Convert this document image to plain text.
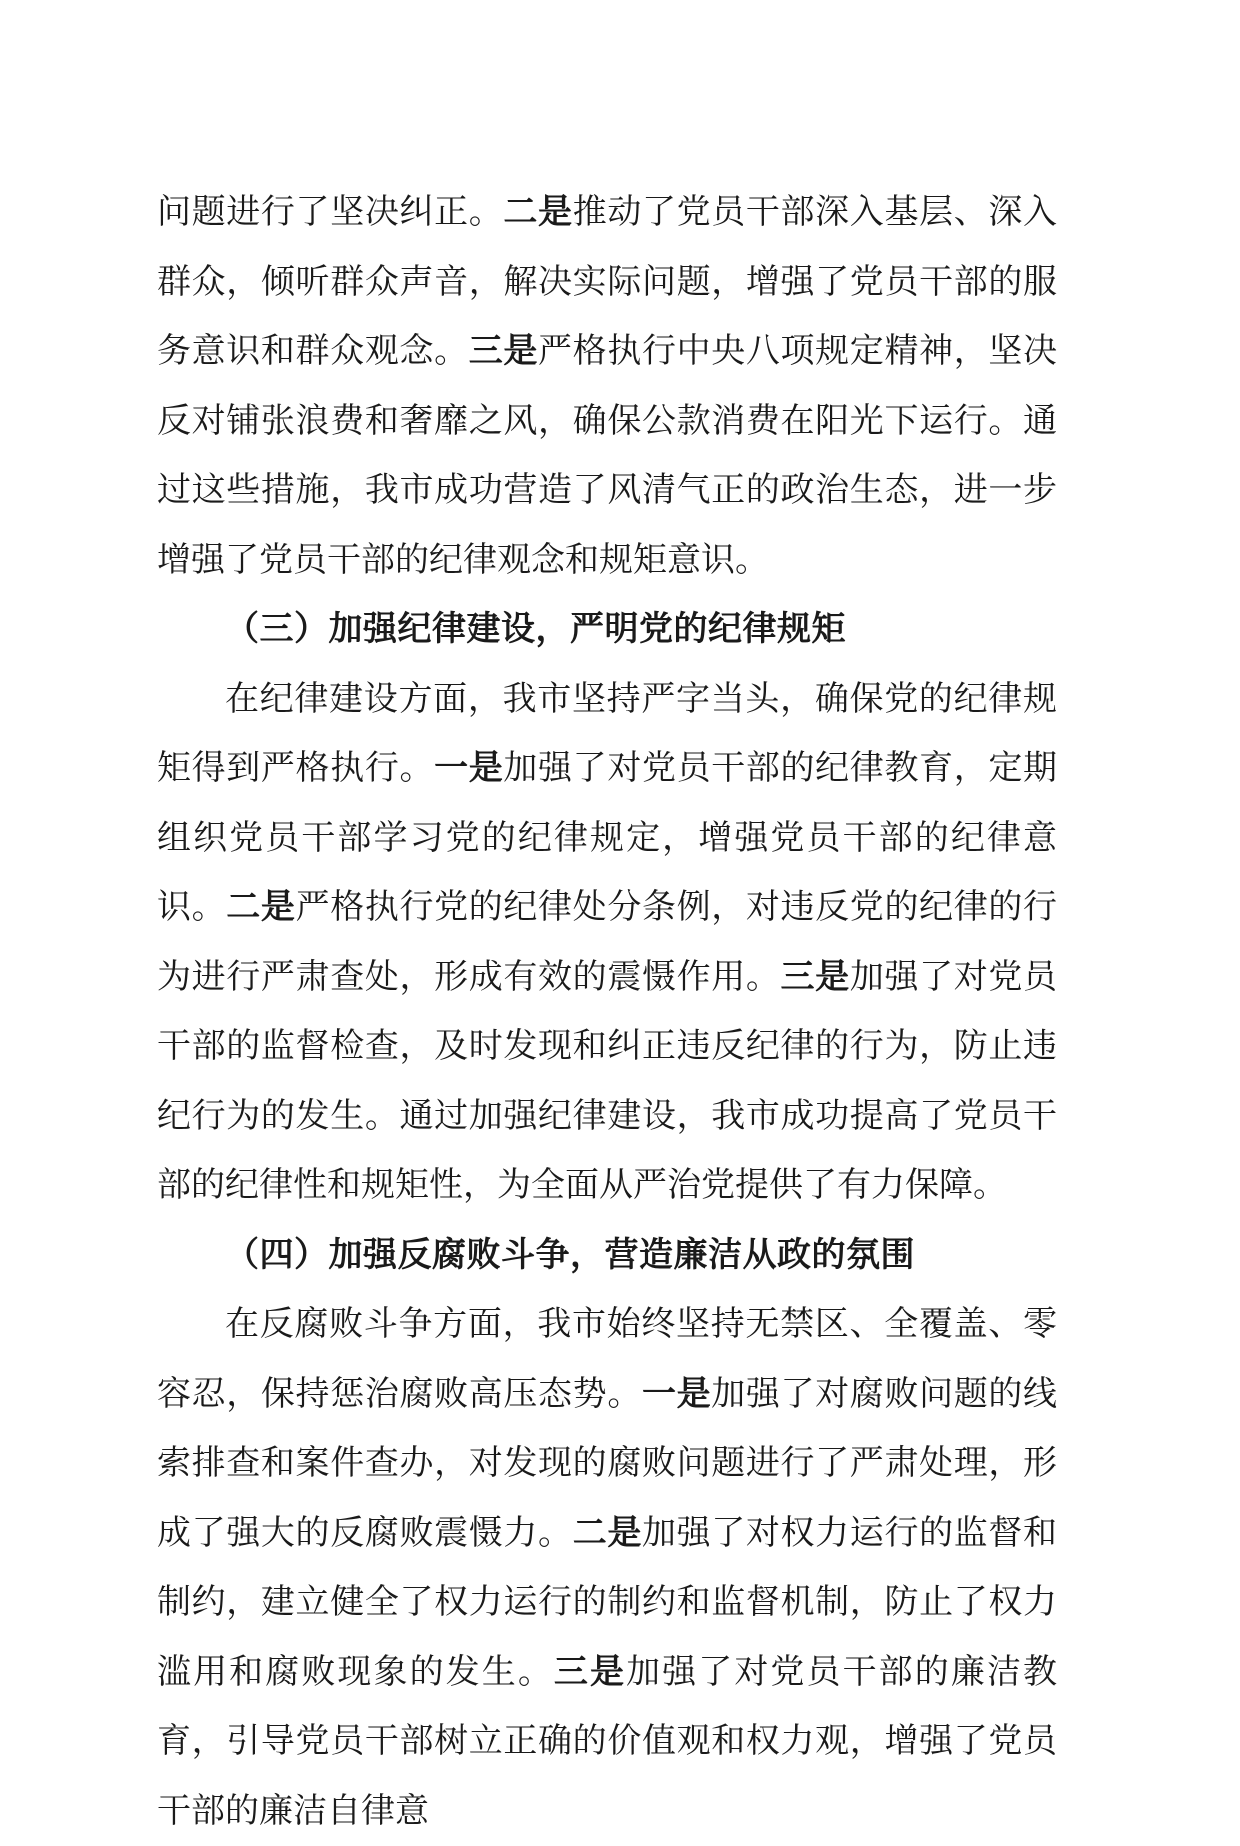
问题进行了坚决纠正。二是推动了党员干部深入基层、深入群众，倾听群众声音，解决实际问题，增强了党员干部的服务意识和群众观念。三是严格执行中央八项规定精神，坚决反对铺张浪费和奢靡之风，确保公款消费在阳光下运行。通过这些措施，我市成功营造了风清气正的政治生态，进一步增强了党员干部的纪律观念和规矩意识。

（三）加强纪律建设，严明党的纪律规矩

在纪律建设方面，我市坚持严字当头，确保党的纪律规矩得到严格执行。一是加强了对党员干部的纪律教育，定期组织党员干部学习党的纪律规定，增强党员干部的纪律意识。二是严格执行党的纪律处分条例，对违反党的纪律的行为进行严肃查处，形成有效的震慑作用。三是加强了对党员干部的监督检查，及时发现和纠正违反纪律的行为，防止违纪行为的发生。通过加强纪律建设，我市成功提高了党员干部的纪律性和规矩性，为全面从严治党提供了有力保障。

（四）加强反腐败斗争，营造廉洁从政的氛围

在反腐败斗争方面，我市始终坚持无禁区、全覆盖、零容忍，保持惩治腐败高压态势。一是加强了对腐败问题的线索排查和案件查办，对发现的腐败问题进行了严肃处理，形成了强大的反腐败震慑力。二是加强了对权力运行的监督和制约，建立健全了权力运行的制约和监督机制，防止了权力滥用和腐败现象的发生。三是加强了对党员干部的廉洁教育，引导党员干部树立正确的价值观和权力观，增强了党员干部的廉洁自律意
